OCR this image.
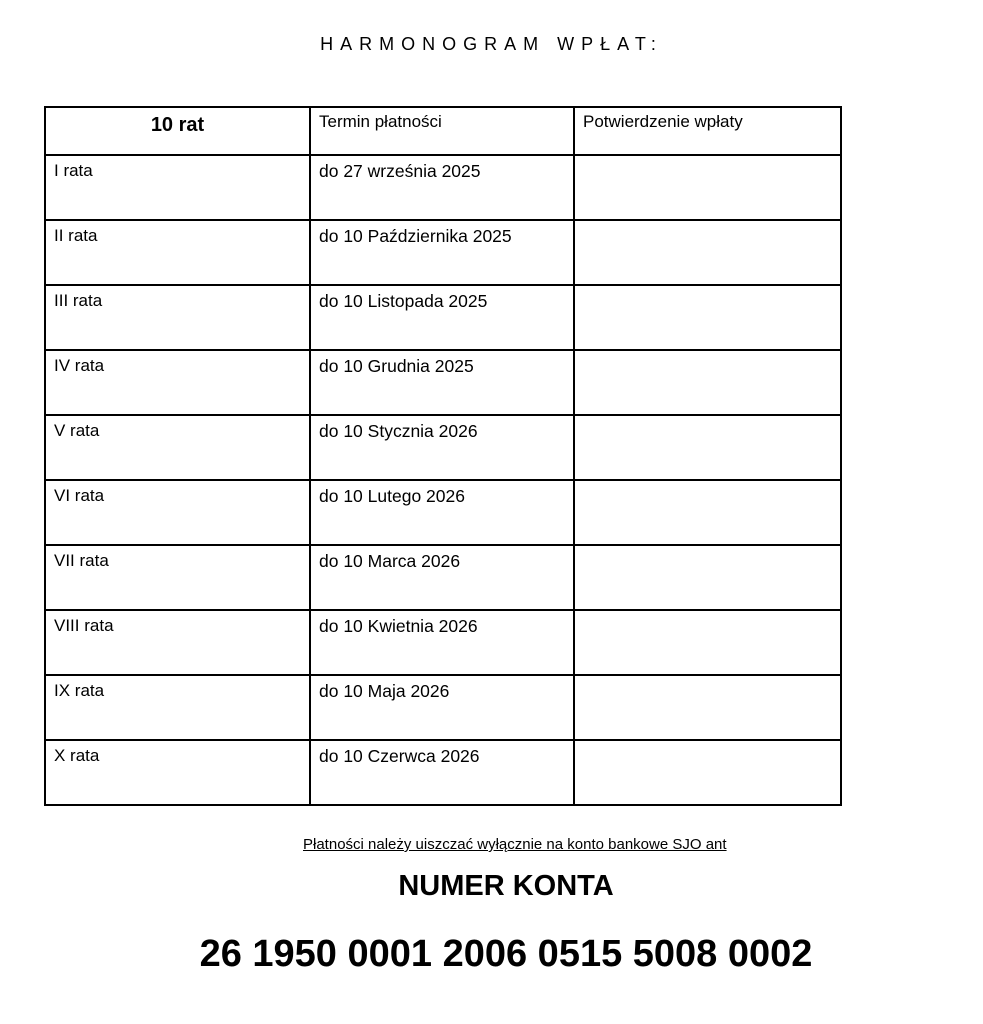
HARMONOGRAM WPŁAT:
10 rat	Termin płatności	Potwierdzenie wpłaty
I rata	do 27 września 2025	
II rata	do 10 Października 2025	
III rata	do 10 Listopada 2025	
IV rata	do 10 Grudnia 2025	
V rata	do 10 Stycznia 2026	
VI rata	do 10 Lutego 2026	
VII rata	do 10 Marca 2026	
VIII rata	do 10 Kwietnia 2026	
IX rata	do 10 Maja 2026	
X rata	do 10 Czerwca 2026	
Płatności należy uiszczać wyłącznie na konto bankowe SJO ant
NUMER KONTA
26 1950 0001 2006 0515 5008 0002
